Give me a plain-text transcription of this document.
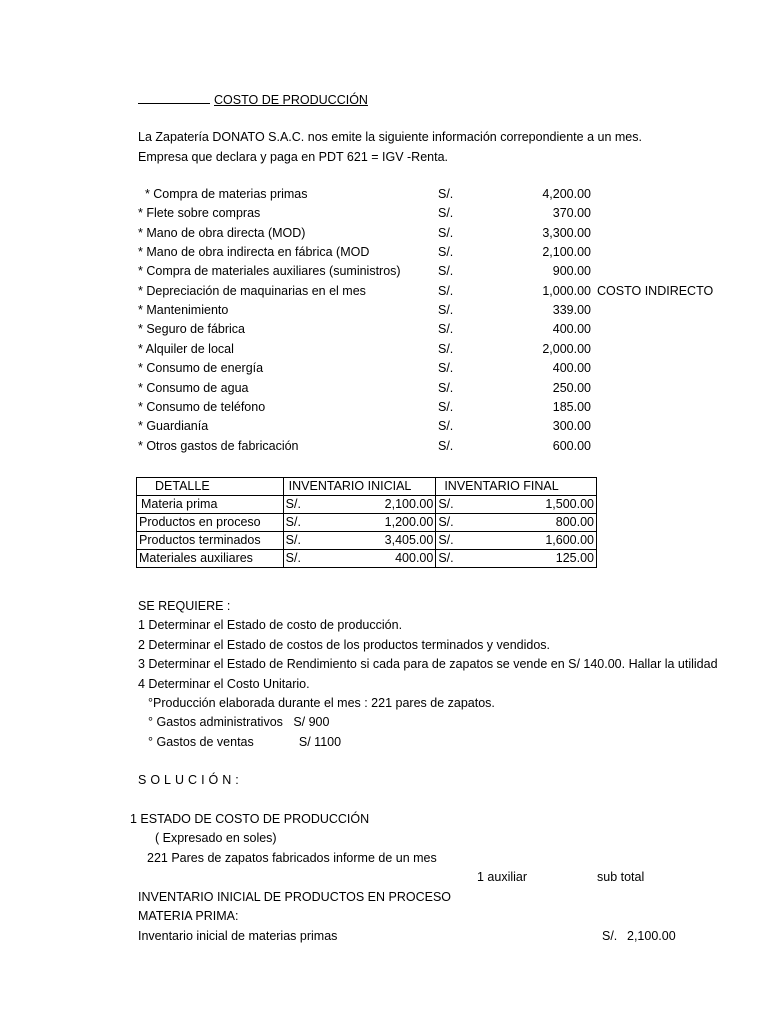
COSTO DE PRODUCCIÓN
La Zapatería DONATO S.A.C. nos emite la siguiente información correpondiente a un mes.
Empresa que declara y paga en PDT 621 = IGV -Renta.
* Compra de materias primas	S/.	4,200.00
* Flete sobre compras	S/.	370.00
* Mano de obra directa (MOD)	S/.	3,300.00
* Mano de obra indirecta en fábrica (MOD	S/.	2,100.00
* Compra de materiales auxiliares (suministros)	S/.	900.00
* Depreciación de maquinarias en el mes	S/.	1,000.00 COSTO INDIRECTO
* Mantenimiento	S/.	339.00
* Seguro de fábrica	S/.	400.00
* Alquiler de local	S/.	2,000.00
* Consumo de energía	S/.	400.00
* Consumo de agua	S/.	250.00
* Consumo de teléfono	S/.	185.00
* Guardianía	S/.	300.00
* Otros gastos de fabricación	S/.	600.00
DETALLE	INVENTARIO INICIAL		INVENTARIO FINAL	
Materia prima	S/.	2,100.00	S/.	1,500.00
Productos en proceso	S/.	1,200.00	S/.	800.00
Productos terminados	S/.	3,405.00	S/.	1,600.00
Materiales auxiliares	S/.	400.00	S/.	125.00
SE REQUIERE :
1 Determinar el Estado de costo de producción.
2 Determinar el Estado de costos de los productos terminados y vendidos.
3 Determinar el Estado de Rendimiento si cada para de zapatos se vende en S/ 140.00. Hallar la utilidad
4 Determinar el Costo Unitario.
°Producción elaborada durante el mes : 221 pares de zapatos.
° Gastos administrativos   S/ 900
° Gastos de ventas             S/ 1100
SOLUCIÓN:
1 ESTADO DE COSTO DE PRODUCCIÓN
( Expresado en soles)
221 Pares de zapatos fabricados informe de un mes
1 auxiliar	sub total
INVENTARIO INICIAL DE PRODUCTOS EN PROCESO
MATERIA PRIMA:
Inventario inicial de materias primas	S/. 2,100.00
